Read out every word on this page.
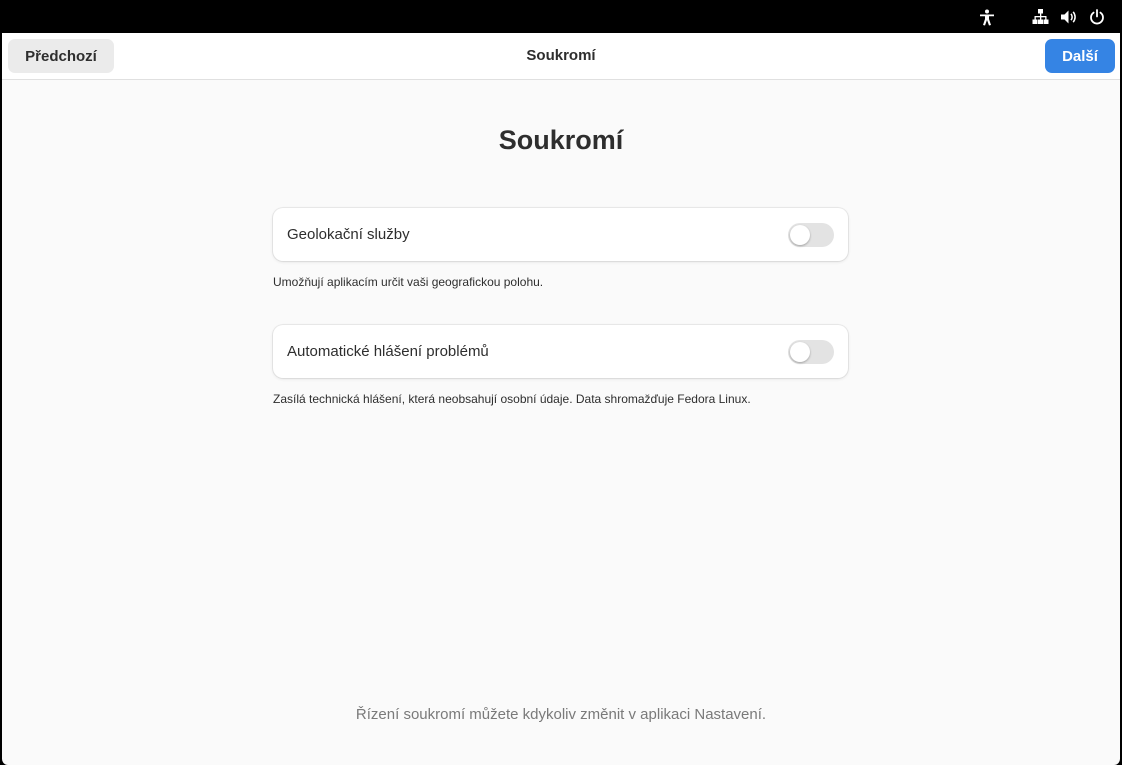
Předchozí	Soukromí	Další
Soukromí
Geolokační služby
Umožňují aplikacím určit vaši geografickou polohu.
Automatické hlášení problémů
Zasílá technická hlášení, která neobsahují osobní údaje. Data shromažďuje Fedora Linux.
Řízení soukromí můžete kdykoliv změnit v aplikaci Nastavení.
